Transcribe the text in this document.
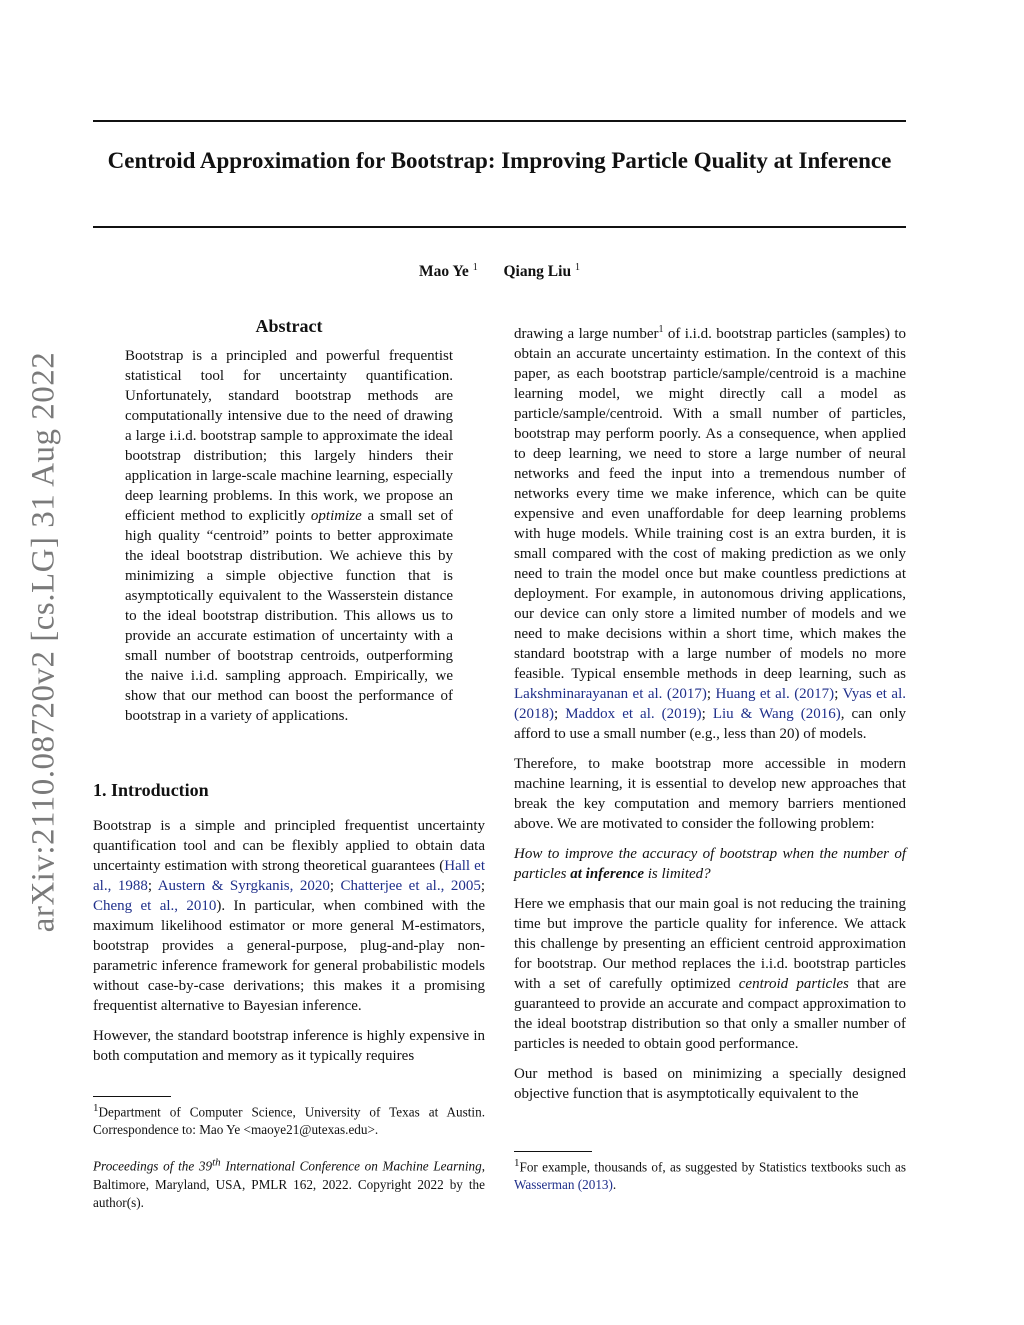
Centroid Approximation for Bootstrap: Improving Particle Quality at Inference
Mao Ye $^1$ Qiang Liu $^1$
arXiv:2110.08720v2 [cs.LG] 31 Aug 2022
Abstract

Bootstrap is a principled and powerful frequentist statistical tool for uncertainty quantification. Unfortunately, standard bootstrap methods are computationally intensive due to the need of drawing a large i.i.d. bootstrap sample to approximate the ideal bootstrap distribution; this largely hinders their application in large-scale machine learning, especially deep learning problems. In this work, we propose an efficient method to explicitly optimize a small set of high quality “centroid” points to better approximate the ideal bootstrap distribution. We achieve this by minimizing a simple objective function that is asymptotically equivalent to the Wasserstein distance to the ideal bootstrap distribution. This allows us to provide an accurate estimation of uncertainty with a small number of bootstrap centroids, outperforming the naive i.i.d. sampling approach. Empirically, we show that our method can boost the performance of bootstrap in a variety of applications.

1. Introduction

Bootstrap is a simple and principled frequentist uncertainty quantification tool and can be flexibly applied to obtain data uncertainty estimation with strong theoretical guarantees (Hall et al., 1988; Austern & Syrgkanis, 2020; Chatterjee et al., 2005; Cheng et al., 2010). In particular, when combined with the maximum likelihood estimator or more general M-estimators, bootstrap provides a general-purpose, plug-and-play non-parametric inference framework for general probabilistic models without case-by-case derivations; this makes it a promising frequentist alternative to Bayesian inference.

However, the standard bootstrap inference is highly expensive in both computation and memory as it typically requires

$^1$Department of Computer Science, University of Texas at Austin. Correspondence to: Mao Ye <maoye21@utexas.edu>.

Proceedings of the 39th International Conference on Machine Learning, Baltimore, Maryland, USA, PMLR 162, 2022. Copyright 2022 by the author(s).

drawing a large number$^1$ of i.i.d. bootstrap particles (samples) to obtain an accurate uncertainty estimation. In the context of this paper, as each bootstrap particle/sample/centroid is a machine learning model, we might directly call a model as particle/sample/centroid. With a small number of particles, bootstrap may perform poorly. As a consequence, when applied to deep learning, we need to store a large number of neural networks and feed the input into a tremendous number of networks every time we make inference, which can be quite expensive and even unaffordable for deep learning problems with huge models. While training cost is an extra burden, it is small compared with the cost of making prediction as we only need to train the model once but make countless predictions at deployment. For example, in autonomous driving applications, our device can only store a limited number of models and we need to make decisions within a short time, which makes the standard bootstrap with a large number of models no more feasible. Typical ensemble methods in deep learning, such as Lakshminarayanan et al. (2017); Huang et al. (2017); Vyas et al. (2018); Maddox et al. (2019); Liu & Wang (2016), can only afford to use a small number (e.g., less than 20) of models.

Therefore, to make bootstrap more accessible in modern machine learning, it is essential to develop new approaches that break the key computation and memory barriers mentioned above. We are motivated to consider the following problem:

How to improve the accuracy of bootstrap when the number of particles at inference is limited?

Here we emphasis that our main goal is not reducing the training time but improve the particle quality for inference. We attack this challenge by presenting an efficient centroid approximation for bootstrap. Our method replaces the i.i.d. bootstrap particles with a set of carefully optimized centroid particles that are guaranteed to provide an accurate and compact approximation to the ideal bootstrap distribution so that only a smaller number of particles is needed to obtain good performance.

Our method is based on minimizing a specially designed objective function that is asymptotically equivalent to the

$^1$For example, thousands of, as suggested by Statistics textbooks such as Wasserman (2013).
